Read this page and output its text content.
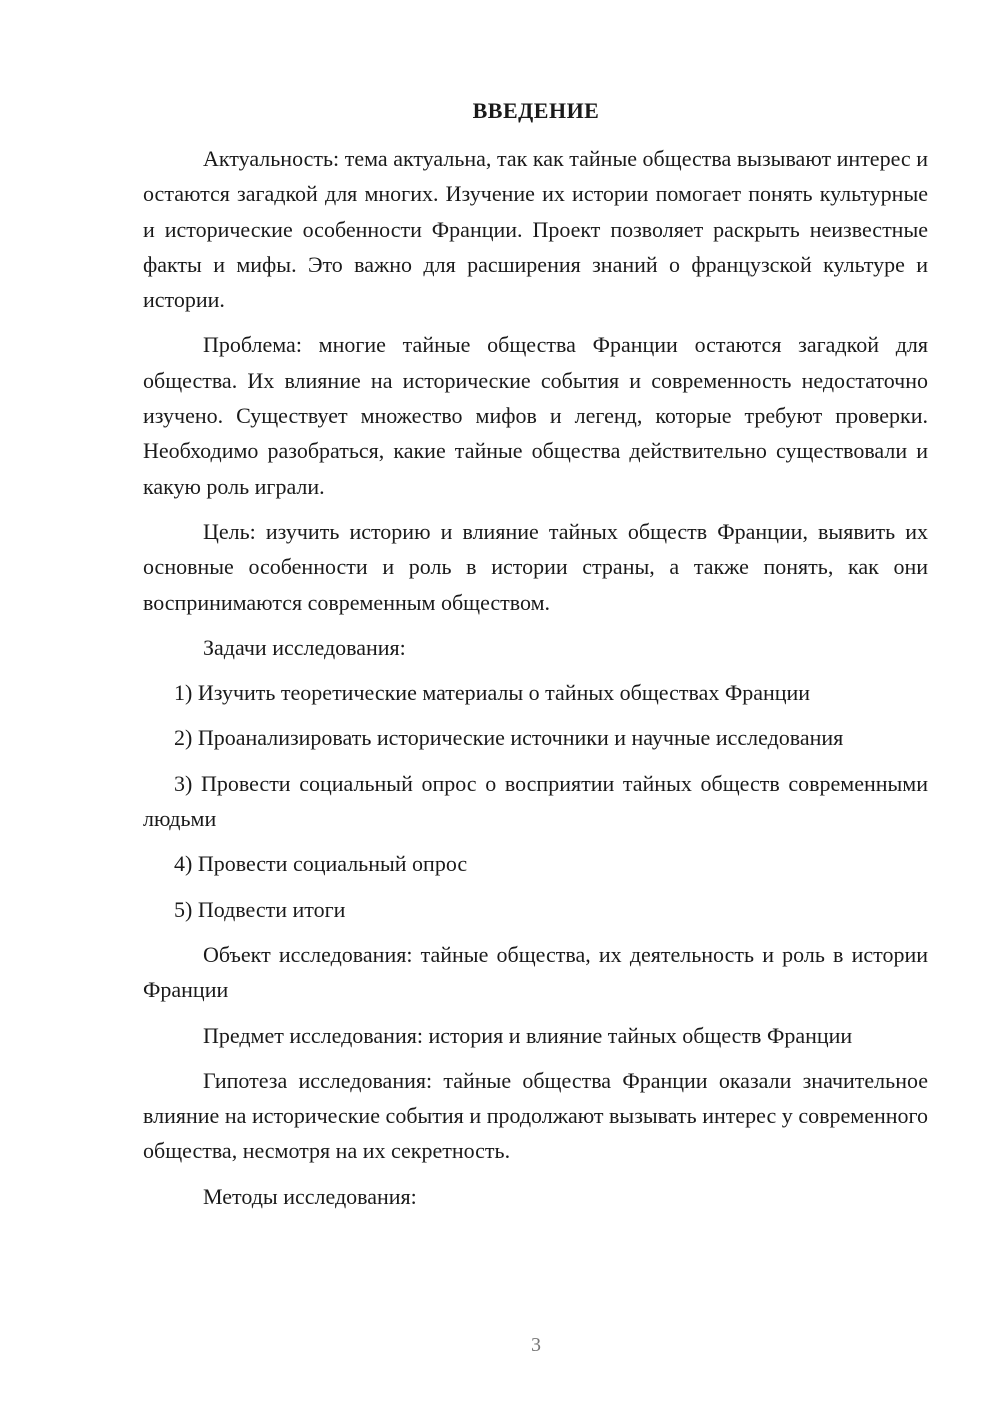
ВВЕДЕНИЕ

Актуальность: тема актуальна, так как тайные общества вызывают интерес и остаются загадкой для многих. Изучение их истории помогает понять культурные и исторические особенности Франции. Проект позволяет раскрыть неизвестные факты и мифы. Это важно для расширения знаний о французской культуре и истории.

Проблема: многие тайные общества Франции остаются загадкой для общества. Их влияние на исторические события и современность недостаточно изучено. Существует множество мифов и легенд, которые требуют проверки. Необходимо разобраться, какие тайные общества действительно существовали и какую роль играли.

Цель: изучить историю и влияние тайных обществ Франции, выявить их основные особенности и роль в истории страны, а также понять, как они воспринимаются современным обществом.

Задачи исследования:

1) Изучить теоретические материалы о тайных обществах Франции

2) Проанализировать исторические источники и научные исследования

3) Провести социальный опрос о восприятии тайных обществ современными людьми

4) Провести социальный опрос

5) Подвести итоги

Объект исследования: тайные общества, их деятельность и роль в истории Франции

Предмет исследования: история и влияние тайных обществ Франции

Гипотеза исследования: тайные общества Франции оказали значительное влияние на исторические события и продолжают вызывать интерес у современного общества, несмотря на их секретность.

Методы исследования:

3
